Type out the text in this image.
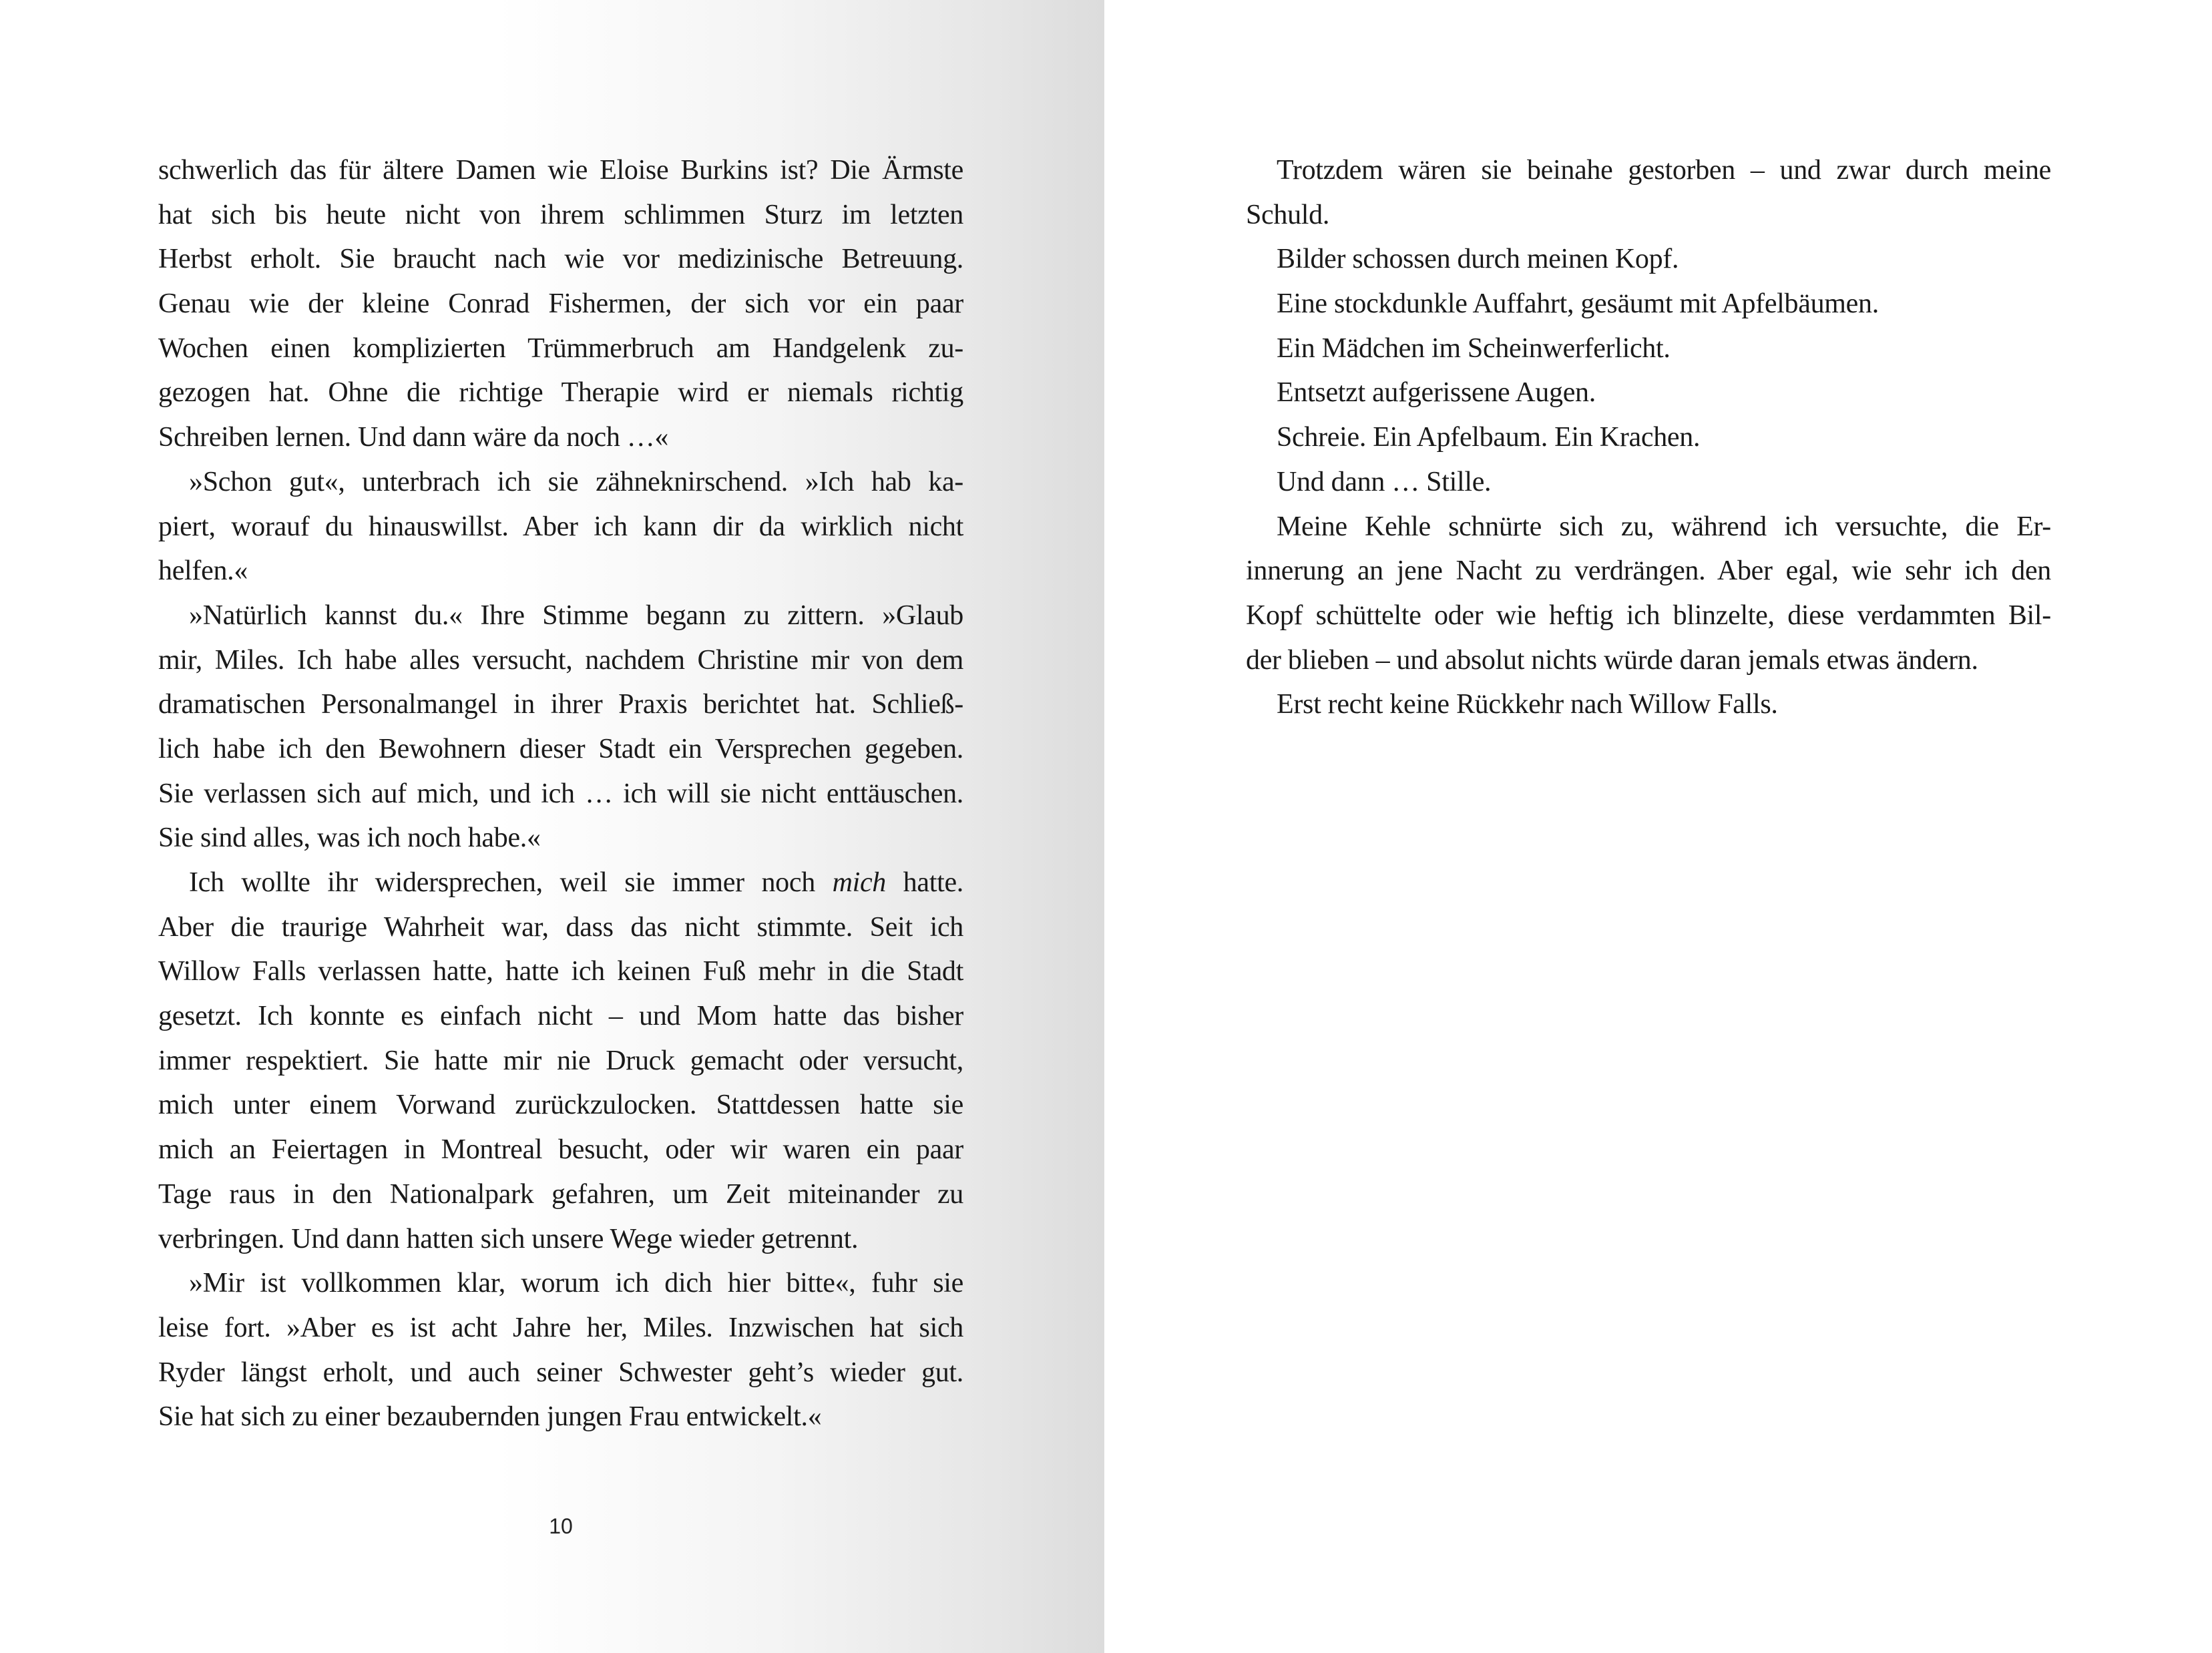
schwerlich das für ältere Damen wie Eloise Burkins ist? Die Ärmste
hat sich bis heute nicht von ihrem schlimmen Sturz im letzten
Herbst erholt. Sie braucht nach wie vor medizinische Betreuung.
Genau wie der kleine Conrad Fishermen, der sich vor ein paar
Wochen einen komplizierten Trümmerbruch am Handgelenk zu-
gezogen hat. Ohne die richtige Therapie wird er niemals richtig
Schreiben lernen. Und dann wäre da noch …«
»Schon gut«, unterbrach ich sie zähneknirschend. »Ich hab ka-
piert, worauf du hinauswillst. Aber ich kann dir da wirklich nicht
helfen.«
»Natürlich kannst du.« Ihre Stimme begann zu zittern. »Glaub
mir, Miles. Ich habe alles versucht, nachdem Christine mir von dem
dramatischen Personalmangel in ihrer Praxis berichtet hat. Schließ-
lich habe ich den Bewohnern dieser Stadt ein Versprechen gegeben.
Sie verlassen sich auf mich, und ich … ich will sie nicht enttäuschen.
Sie sind alles, was ich noch habe.«
Ich wollte ihr widersprechen, weil sie immer noch mich hatte.
Aber die traurige Wahrheit war, dass das nicht stimmte. Seit ich
Willow Falls verlassen hatte, hatte ich keinen Fuß mehr in die Stadt
gesetzt. Ich konnte es einfach nicht – und Mom hatte das bisher
immer respektiert. Sie hatte mir nie Druck gemacht oder versucht,
mich unter einem Vorwand zurückzulocken. Stattdessen hatte sie
mich an Feiertagen in Montreal besucht, oder wir waren ein paar
Tage raus in den Nationalpark gefahren, um Zeit miteinander zu
verbringen. Und dann hatten sich unsere Wege wieder getrennt.
»Mir ist vollkommen klar, worum ich dich hier bitte«, fuhr sie
leise fort. »Aber es ist acht Jahre her, Miles. Inzwischen hat sich
Ryder längst erholt, und auch seiner Schwester geht’s wieder gut.
Sie hat sich zu einer bezaubernden jungen Frau entwickelt.«
10
Trotzdem wären sie beinahe gestorben – und zwar durch meine
Schuld.
Bilder schossen durch meinen Kopf.
Eine stockdunkle Auffahrt, gesäumt mit Apfelbäumen.
Ein Mädchen im Scheinwerferlicht.
Entsetzt aufgerissene Augen.
Schreie. Ein Apfelbaum. Ein Krachen.
Und dann … Stille.
Meine Kehle schnürte sich zu, während ich versuchte, die Er-
innerung an jene Nacht zu verdrängen. Aber egal, wie sehr ich den
Kopf schüttelte oder wie heftig ich blinzelte, diese verdammten Bil-
der blieben – und absolut nichts würde daran jemals etwas ändern.
Erst recht keine Rückkehr nach Willow Falls.
